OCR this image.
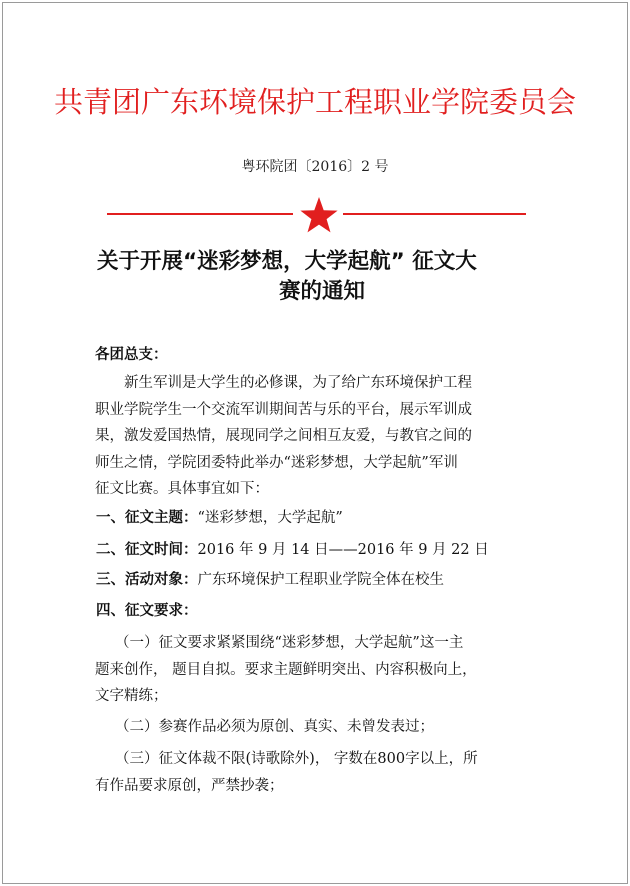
共青团广东环境保护工程职业学院委员会
粤环院团〔2016〕2 号
关于开展“迷彩梦想，大学起航” 征文大
赛的通知
各团总支：
新生军训是大学生的必修课，为了给广东环境保护工程
职业学院学生一个交流军训期间苦与乐的平台，展示军训成
果，激发爱国热情，展现同学之间相互友爱，与教官之间的
师生之情，学院团委特此举办“迷彩梦想，大学起航”军训
征文比赛。具体事宜如下：
一、征文主题：“迷彩梦想，大学起航”
二、征文时间：2016 年 9 月 14 日——2016 年 9 月 22 日
三、活动对象：广东环境保护工程职业学院全体在校生
四、征文要求：
（一）征文要求紧紧围绕“迷彩梦想，大学起航”这一主
题来创作， 题目自拟。要求主题鲜明突出、内容积极向上，
文字精练；
（二）参赛作品必须为原创、真实、未曾发表过；
（三）征文体裁不限(诗歌除外)， 字数在800字以上，所
有作品要求原创，严禁抄袭；
